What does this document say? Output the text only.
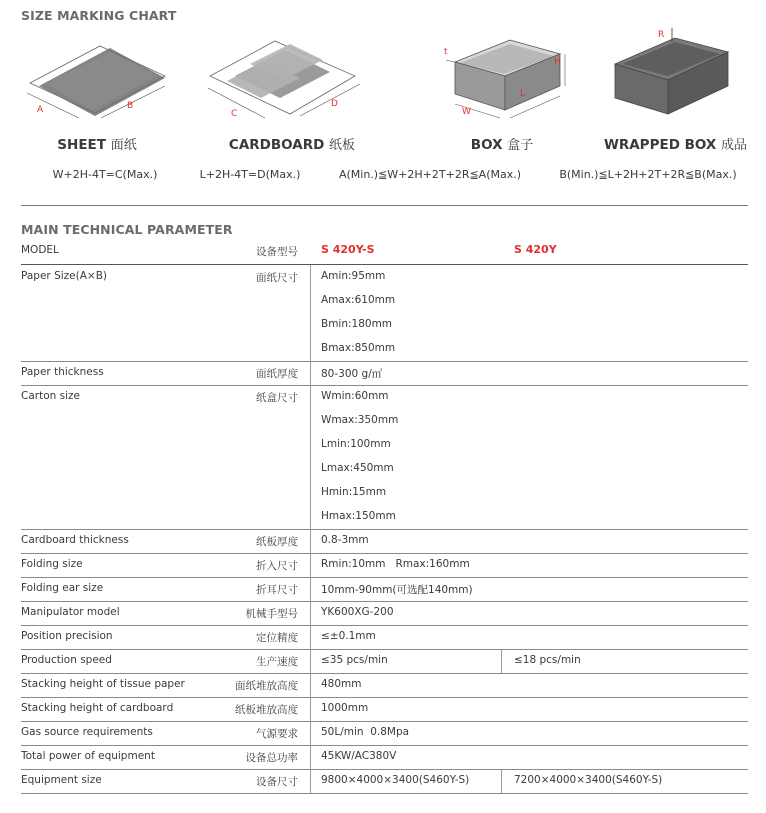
SIZE MARKING CHART
A	B
C
D
t
H
W
L
R
SHEET 面纸	CARDBOARD 纸板	BOX 盒子	WRAPPED BOX 成品
W+2H-4T=C(Max.)	L+2H-4T=D(Max.)	A(Min.)≦W+2H+2T+2R≦A(Max.)	B(Min.)≦L+2H+2T+2R≦B(Max.)
MAIN TECHNICAL PARAMETER
MODEL	设备型号 S 420Y-S	S 420Y
Paper Size(A×B)	面纸尺寸 Amin:95mm
Amax:610mm
Bmin:180mm
Bmax:850mm
Paper thickness	面纸厚度 80-300 g/㎡
Carton size	纸盒尺寸 Wmin:60mm
Wmax:350mm
Lmin:100mm
Lmax:450mm
Hmin:15mm
Hmax:150mm
Cardboard thickness	纸板厚度 0.8-3mm
Folding size	折入尺寸 Rmin:10mm   Rmax:160mm
Folding ear size	折耳尺寸 10mm-90mm(可选配140mm)
Manipulator model	机械手型号 YK600XG-200
Position precision	定位精度 ≤±0.1mm
Production speed	生产速度 ≤35 pcs/min	≤18 pcs/min
Stacking height of tissue paper	面纸堆放高度 480mm
Stacking height of cardboard	纸板堆放高度 1000mm
Gas source requirements	气源要求 50L/min  0.8Mpa
Total power of equipment	设备总功率 45KW/AC380V
Equipment size	设备尺寸 9800×4000×3400(S460Y-S)	7200×4000×3400(S460Y-S)
